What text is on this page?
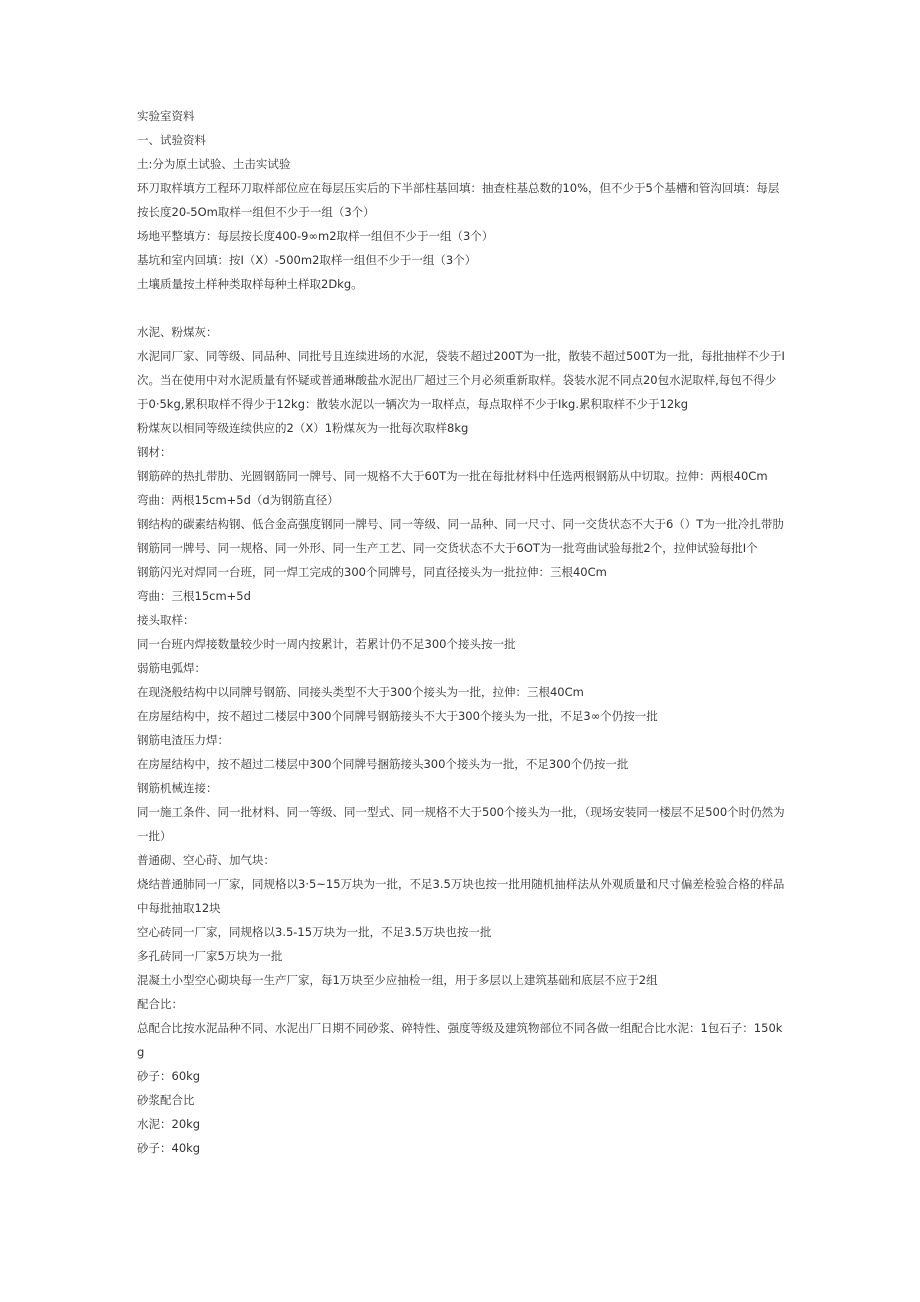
实验室资料

一、试验资料

土:分为原土试验、土击实试验

环刀取样填方工程环刀取样部位应在每层压实后的下半部柱基回填：抽查柱基总数的10%，但不少于5个基槽和管沟回填：每层按长度20-5Om取样一组但不少于一组（3个）

场地平整填方：每层按长度400-9∞m2取样一组但不少于一组（3个）

基坑和室内回填：按I（X）-500m2取样一组但不少于一组（3个）

土壤质量按土样种类取样每种土样取2Dkg。

水泥、粉煤灰：

水泥同厂家、同等级、同品种、同批号且连续进场的水泥，袋装不超过200T为一批，散装不超过500T为一批，每批抽样不少于I次。当在使用中对水泥质量有怀疑或普通琳酸盐水泥出厂超过三个月必须重新取样。袋装水泥不同点20包水泥取样,每包不得少于0·5kg,累积取样不得少于12kg：散装水泥以一辆次为一取样点，每点取样不少于Ikg.累积取样不少于12kg

粉煤灰以相同等级连续供应的2（X）1粉煤灰为一批每次取样8kg

钢材：

钢筋碎的热扎带肋、光圆钢筋同一牌号、同一规格不大于60T为一批在每批材料中任选两根钢筋从中切取。拉伸：两根40Cm

弯曲：两根15cm+5d（d为钢筋直径）

钢结构的碳素结构钢、低合金高强度钢同一牌号、同一等级、同一品种、同一尺寸、同一交货状态不大于6（）T为一批冷扎带肋钢筋同一牌号、同一规格、同一外形、同一生产工艺、同一交货状态不大于6OT为一批弯曲试验每批2个，拉伸试验每批I个

钢筋闪光对焊同一台班，同一焊工完成的300个同牌号，同直径接头为一批拉伸：三根40Cm

弯曲：三根15cm+5d

接头取样：

同一台班内焊接数量较少时一周内按累计，若累计仍不足300个接头按一批

弱筋电弧焊：

在现浇般结构中以同牌号钢筋、同接头类型不大于300个接头为一批，拉伸：三根40Cm

在房屋结构中，按不超过二楼层中300个同牌号钢筋接头不大于300个接头为一批，不足3∞个仍按一批

钢筋电渣压力焊：

在房屋结构中，按不超过二楼层中300个同牌号捆筋接头300个接头为一批，不足300个仍按一批

钢筋机械连接：

同一施工条件、同一批材料、同一等级、同一型式、同一规格不大于500个接头为一批，（现场安装同一楼层不足500个时仍然为一批）

普通砌、空心莳、加气块：

烧结普通肺同一厂家，同规格以3·5~15万块为一批，不足3.5万块也按一批用随机抽样法从外观质量和尺寸偏差检验合格的样品中每批抽取12块

空心砖同一厂家，同规格以3.5-15万块为一批，不足3.5万块也按一批

多孔砖同一厂家5万块为一批

混凝土小型空心砌块每一生产厂家，每1万块至少应抽检一组，用于多层以上建筑基础和底层不应于2组

配合比：

总配合比按水泥品种不同、水泥出厂日期不同砂浆、碎特性、强度等级及建筑物部位不同各做一组配合比水泥：1包石子：150kg

砂子：60kg

砂浆配合比

水泥：20kg

砂子：40kg
